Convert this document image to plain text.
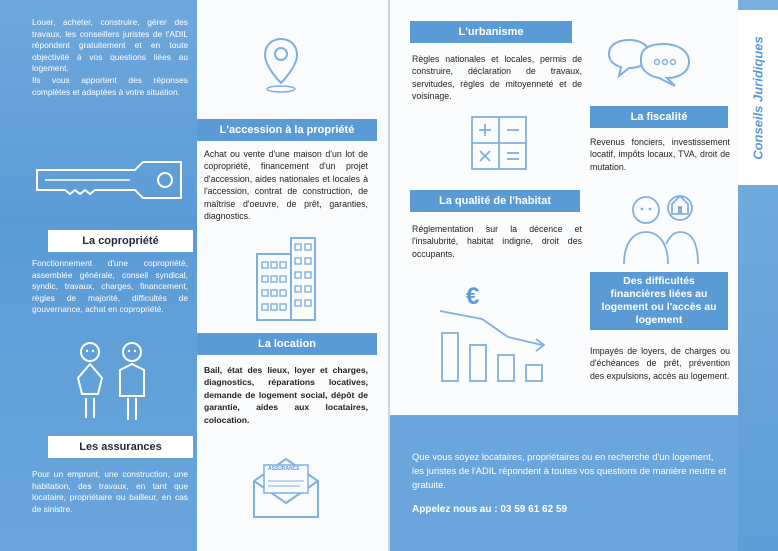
Louer, acheter, construire, gérer des travaux, les conseillers juristes de l'ADIL répondent gratuitement et en toute objectivité à vos questions liées au logement.

Ils vous apportent des réponses complètes et adaptées à votre situation.

L'accession à la propriété
Achat ou vente d'une maison d'un lot de copropriété, financement d'un projet d'accession, aides nationales et locales à l'accession, contrat de construction, de maîtrise d'oeuvre, de prêt, garanties, diagnostics.
La copropriété
Fonctionnement d'une copropriété, assemblée générale, conseil syndical, syndic, travaux, charges, financement, règles de majorité, difficultés de gouvernance, achat en copropriété.
La location
Bail, état des lieux, loyer et charges, diagnostics, réparations locatives, demande de logement social, dépôt de garantie, aides aux locataires, colocation.
Les assurances
Pour un emprunt, une construction, une habitation, des travaux, en tant que locataire, propriétaire ou bailleur, en cas de sinistre.
ASSURANCE
L'urbanisme
Règles nationales et locales, permis de construire, déclaration de travaux, servitudes, règles de mitoyenneté et de voisinage.
La fiscalité
Revenus fonciers, investissement locatif, impôts locaux, TVA, droit de mutation.
La qualité de l'habitat
Réglementation sur la décence et l'insalubrité, habitat indigne, droit des occupants.
Des difficultés financières liées au logement ou l'accès au logement
Impayés de loyers, de charges ou d'échéances de prêt, prévention des expulsions, accès au logement.
€
Que vous soyez locataires, propriétaires ou en recherche d'un logement, les juristes de l'ADIL répondent à toutes vos questions de manière neutre et gratuite.
Appelez nous au : 03 59 61 62 59
Conseils Juridiques
